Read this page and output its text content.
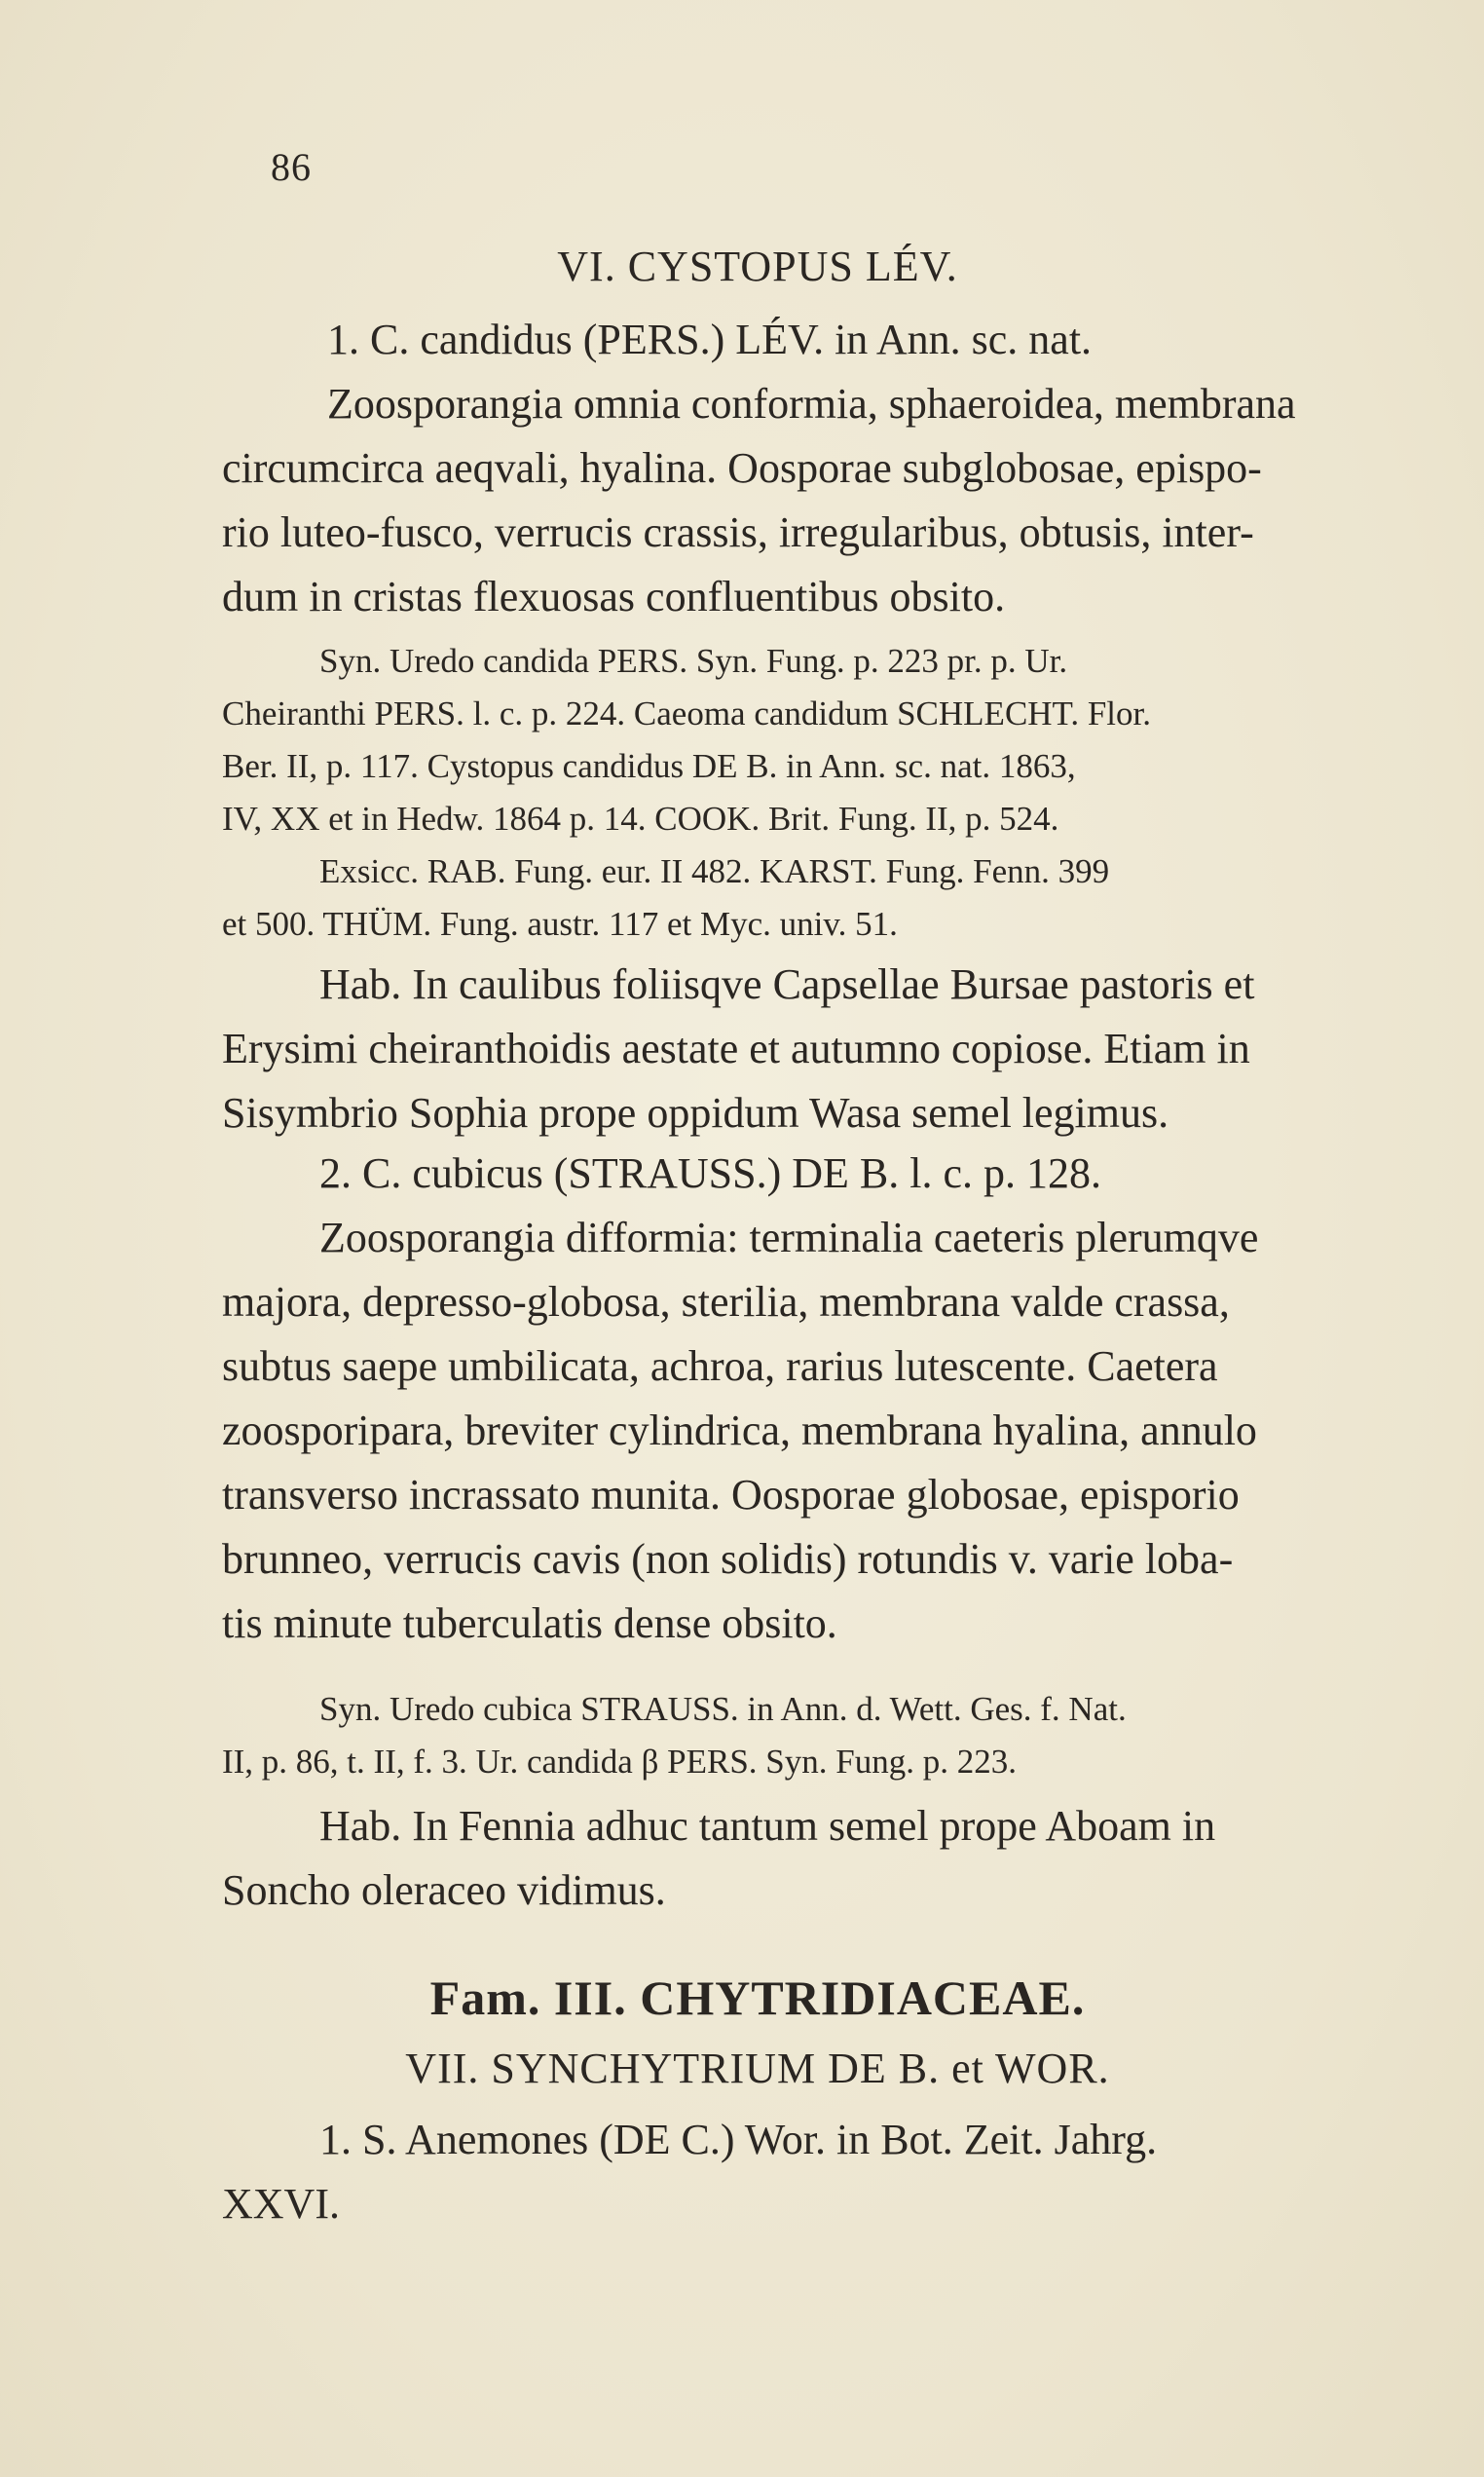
86
VI. CYSTOPUS LÉV.
1. C. candidus (PERS.) LÉV. in Ann. sc. nat.
Zoosporangia omnia conformia, sphaeroidea, membrana
circumcirca aeqvali, hyalina. Oosporae subglobosae, epispo-
rio luteo-fusco, verrucis crassis, irregularibus, obtusis, inter-
dum in cristas flexuosas confluentibus obsito.
Syn. Uredo candida PERS. Syn. Fung. p. 223 pr. p. Ur.
Cheiranthi PERS. l. c. p. 224. Caeoma candidum SCHLECHT. Flor.
Ber. II, p. 117. Cystopus candidus DE B. in Ann. sc. nat. 1863,
IV, XX et in Hedw. 1864 p. 14. COOK. Brit. Fung. II, p. 524.
Exsicc. RAB. Fung. eur. II 482. KARST. Fung. Fenn. 399
et 500. THÜM. Fung. austr. 117 et Myc. univ. 51.
Hab. In caulibus foliisqve Capsellae Bursae pastoris et
Erysimi cheiranthoidis aestate et autumno copiose. Etiam in
Sisymbrio Sophia prope oppidum Wasa semel legimus.
2. C. cubicus (STRAUSS.) DE B. l. c. p. 128.
Zoosporangia difformia: terminalia caeteris plerumqve
majora, depresso-globosa, sterilia, membrana valde crassa,
subtus saepe umbilicata, achroa, rarius lutescente. Caetera
zoosporipara, breviter cylindrica, membrana hyalina, annulo
transverso incrassato munita. Oosporae globosae, episporio
brunneo, verrucis cavis (non solidis) rotundis v. varie loba-
tis minute tuberculatis dense obsito.
Syn. Uredo cubica STRAUSS. in Ann. d. Wett. Ges. f. Nat.
II, p. 86, t. II, f. 3. Ur. candida β PERS. Syn. Fung. p. 223.
Hab. In Fennia adhuc tantum semel prope Aboam in
Soncho oleraceo vidimus.
Fam. III. CHYTRIDIACEAE.
VII. SYNCHYTRIUM DE B. et WOR.
1. S. Anemones (DE C.) Wor. in Bot. Zeit. Jahrg.
XXVI.
